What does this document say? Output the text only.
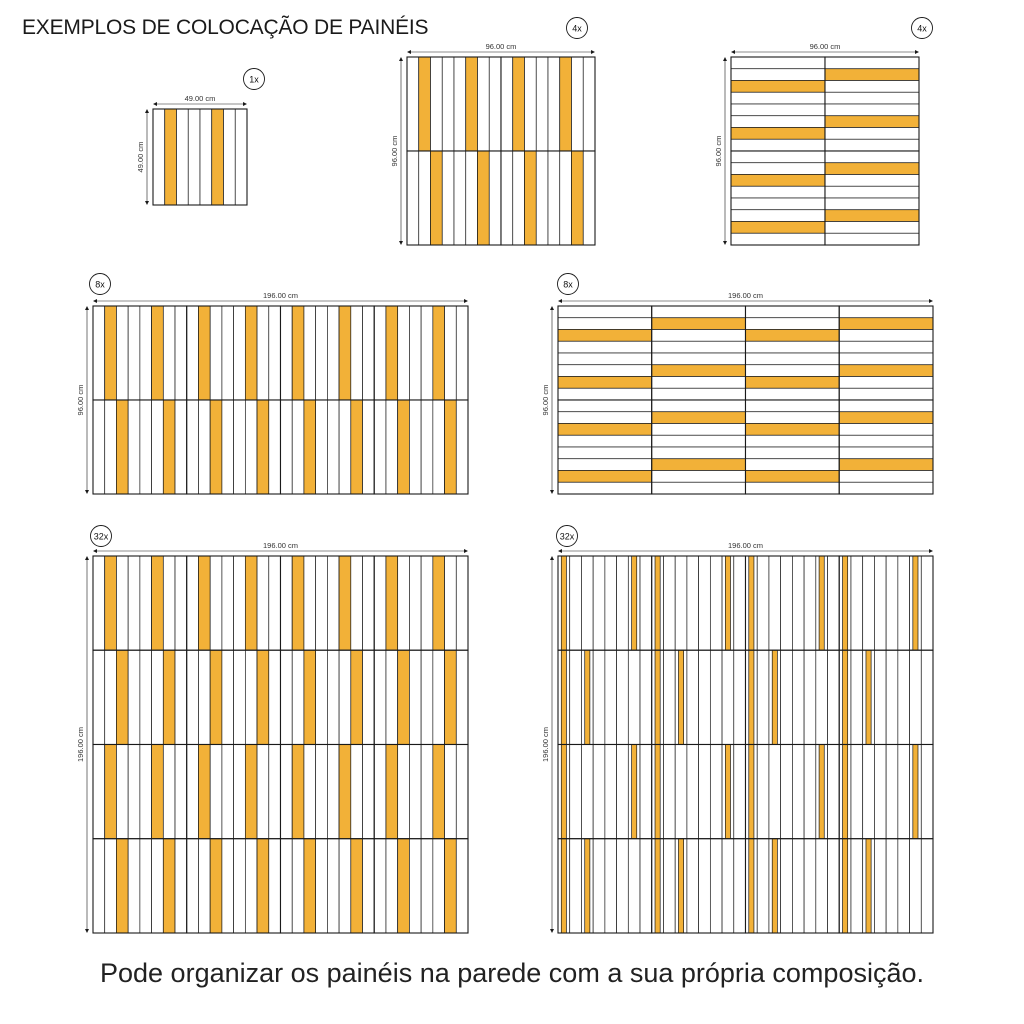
EXEMPLOS DE COLOCAÇÃO DE PAINÉIS
49.00 cm
49.00 cm
1x
96.00 cm
96.00 cm
4x
96.00 cm
96.00 cm
4x
196.00 cm
96.00 cm
8x
196.00 cm
8x
196.00 cm
196.00 cm
32x
196.00 cm
196.00 cm
32x
96.00 cm
Pode organizar os painéis na parede com a sua própria composição.
